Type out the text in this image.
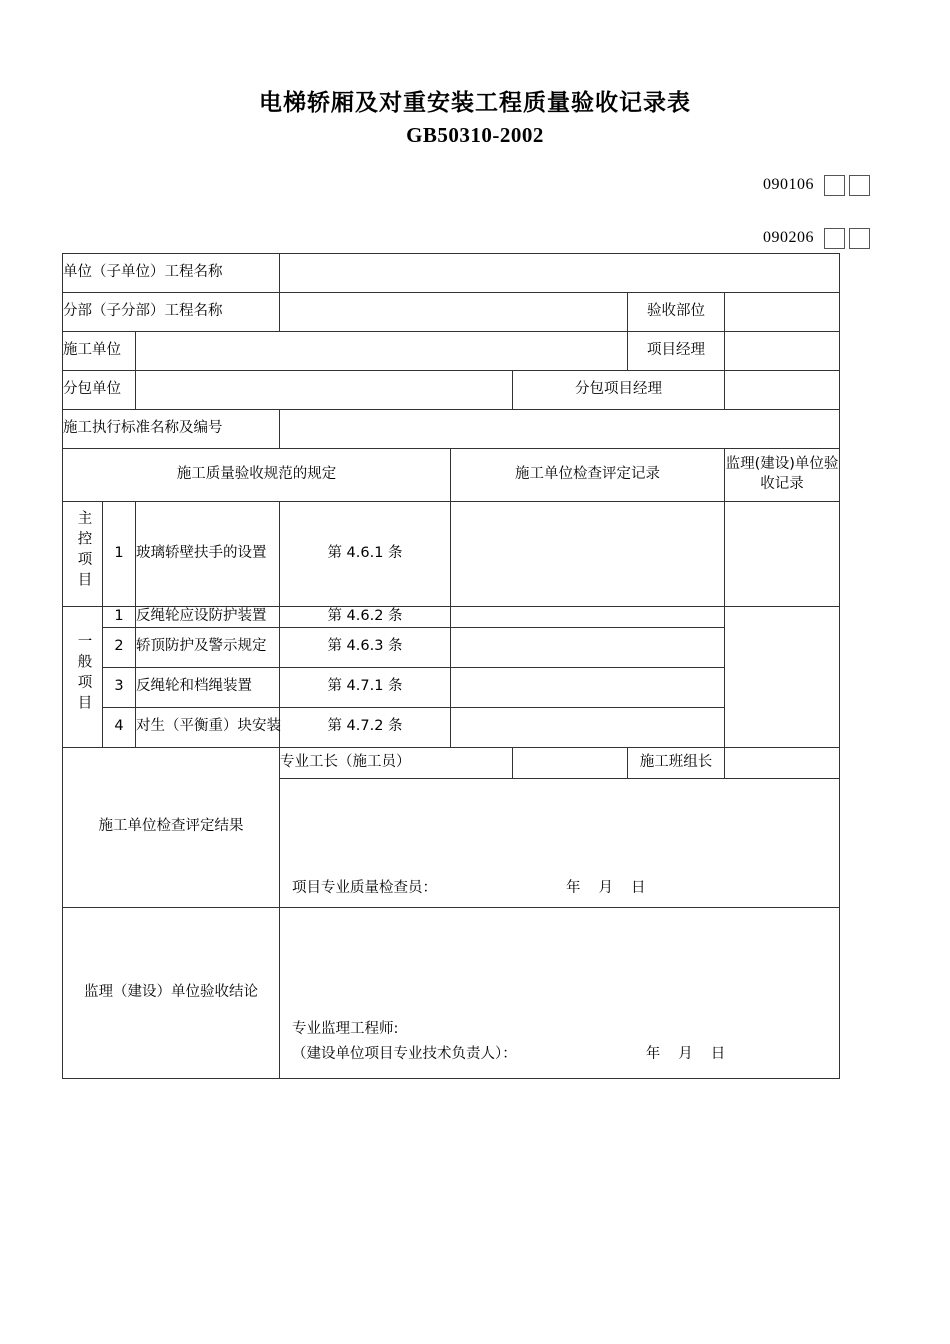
电梯轿厢及对重安装工程质量验收记录表
GB50310-2002
090106
090206
单位（子单位）工程名称							
分部（子分部）工程名称						验收部位	
施工单位						项目经理	
分包单位					分包项目经理		
施工执行标准名称及编号							
施工质量验收规范的规定				施工单位检查评定记录			监理(建设)单位验收记录
主控项目	1	玻璃轿壁扶手的设置	第 4.6.1 条				
一般项目	1	反绳轮应设防护装置	第 4.6.2 条				
	2	轿顶防护及警示规定	第 4.6.3 条				
	3	反绳轮和档绳装置	第 4.7.1 条				
	4	对生（平衡重）块安装	第 4.7.2 条				
施工单位检查评定结果			专业工长（施工员）			施工班组长	

			项目专业质量检查员： 年 月 日				

监理（建设）单位验收结论			专业监理工程师:
（建设单位项目专业技术负责人）： 年 月 日				
